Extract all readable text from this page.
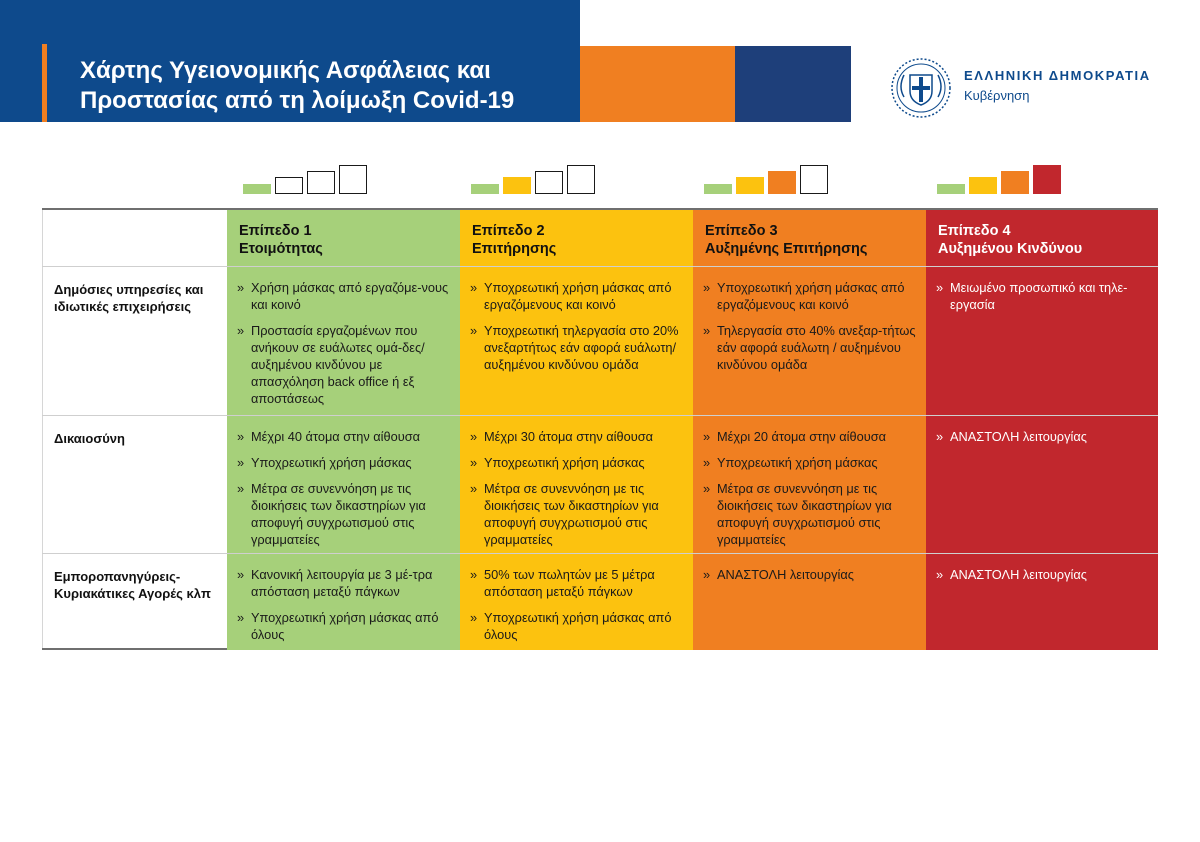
Χάρτης Υγειονομικής Ασφάλειας και
Προστασίας από τη λοίμωξη Covid-19
ΕΛΛΗΝΙΚΗ ΔΗΜΟΚΡΑΤΙΑ
Κυβέρνηση
Επίπεδο 1
Ετοιμότητας
Επίπεδο 2
Επιτήρησης
Επίπεδο 3
Αυξημένης Επιτήρησης
Επίπεδο 4
Αυξημένου Κινδύνου
Δημόσιες υπηρεσίες και ιδιωτικές επιχειρήσεις
Δικαιοσύνη
Εμποροπανηγύρεις-Κυριακάτικες Αγορές κλπ

» Χρήση μάσκας από εργαζόμε-νους και κοινό

» Προστασία εργαζομένων που ανήκουν σε ευάλωτες ομά-δες/αυξημένου κινδύνου με απασχόληση back office ή εξ αποστάσεως

» Υποχρεωτική χρήση μάσκας από εργαζόμενους και κοινό

» Υποχρεωτική τηλεργασία στο 20% ανεξαρτήτως εάν αφορά ευάλωτη/αυξημένου κινδύνου ομάδα

» Υποχρεωτική χρήση μάσκας από εργαζόμενους και κοινό

» Τηλεργασία στο 40% ανεξαρ-τήτως εάν αφορά ευάλωτη / αυξημένου κινδύνου ομάδα

» Μειωμένο προσωπικό και τηλε-εργασία

» Μέχρι 40 άτομα στην αίθουσα

» Υποχρεωτική χρήση μάσκας

» Μέτρα σε συνεννόηση με τις διοικήσεις των δικαστηρίων για αποφυγή συγχρωτισμού στις γραμματείες

» Μέχρι 30 άτομα στην αίθουσα

» Υποχρεωτική χρήση μάσκας

» Μέτρα σε συνεννόηση με τις διοικήσεις των δικαστηρίων για αποφυγή συγχρωτισμού στις γραμματείες

» Μέχρι 20 άτομα στην αίθουσα

» Υποχρεωτική χρήση μάσκας

» Μέτρα σε συνεννόηση με τις διοικήσεις των δικαστηρίων για αποφυγή συγχρωτισμού στις γραμματείες

» ΑΝΑΣΤΟΛΗ λειτουργίας

» Κανονική λειτουργία με 3 μέ-τρα απόσταση μεταξύ πάγκων

» Υποχρεωτική χρήση μάσκας από όλους

» 50% των πωλητών με 5 μέτρα απόσταση μεταξύ πάγκων

» Υποχρεωτική χρήση μάσκας από όλους

» ΑΝΑΣΤΟΛΗ λειτουργίας

»	ΑΝΑΣΤΟΛΗ λειτουργίας
